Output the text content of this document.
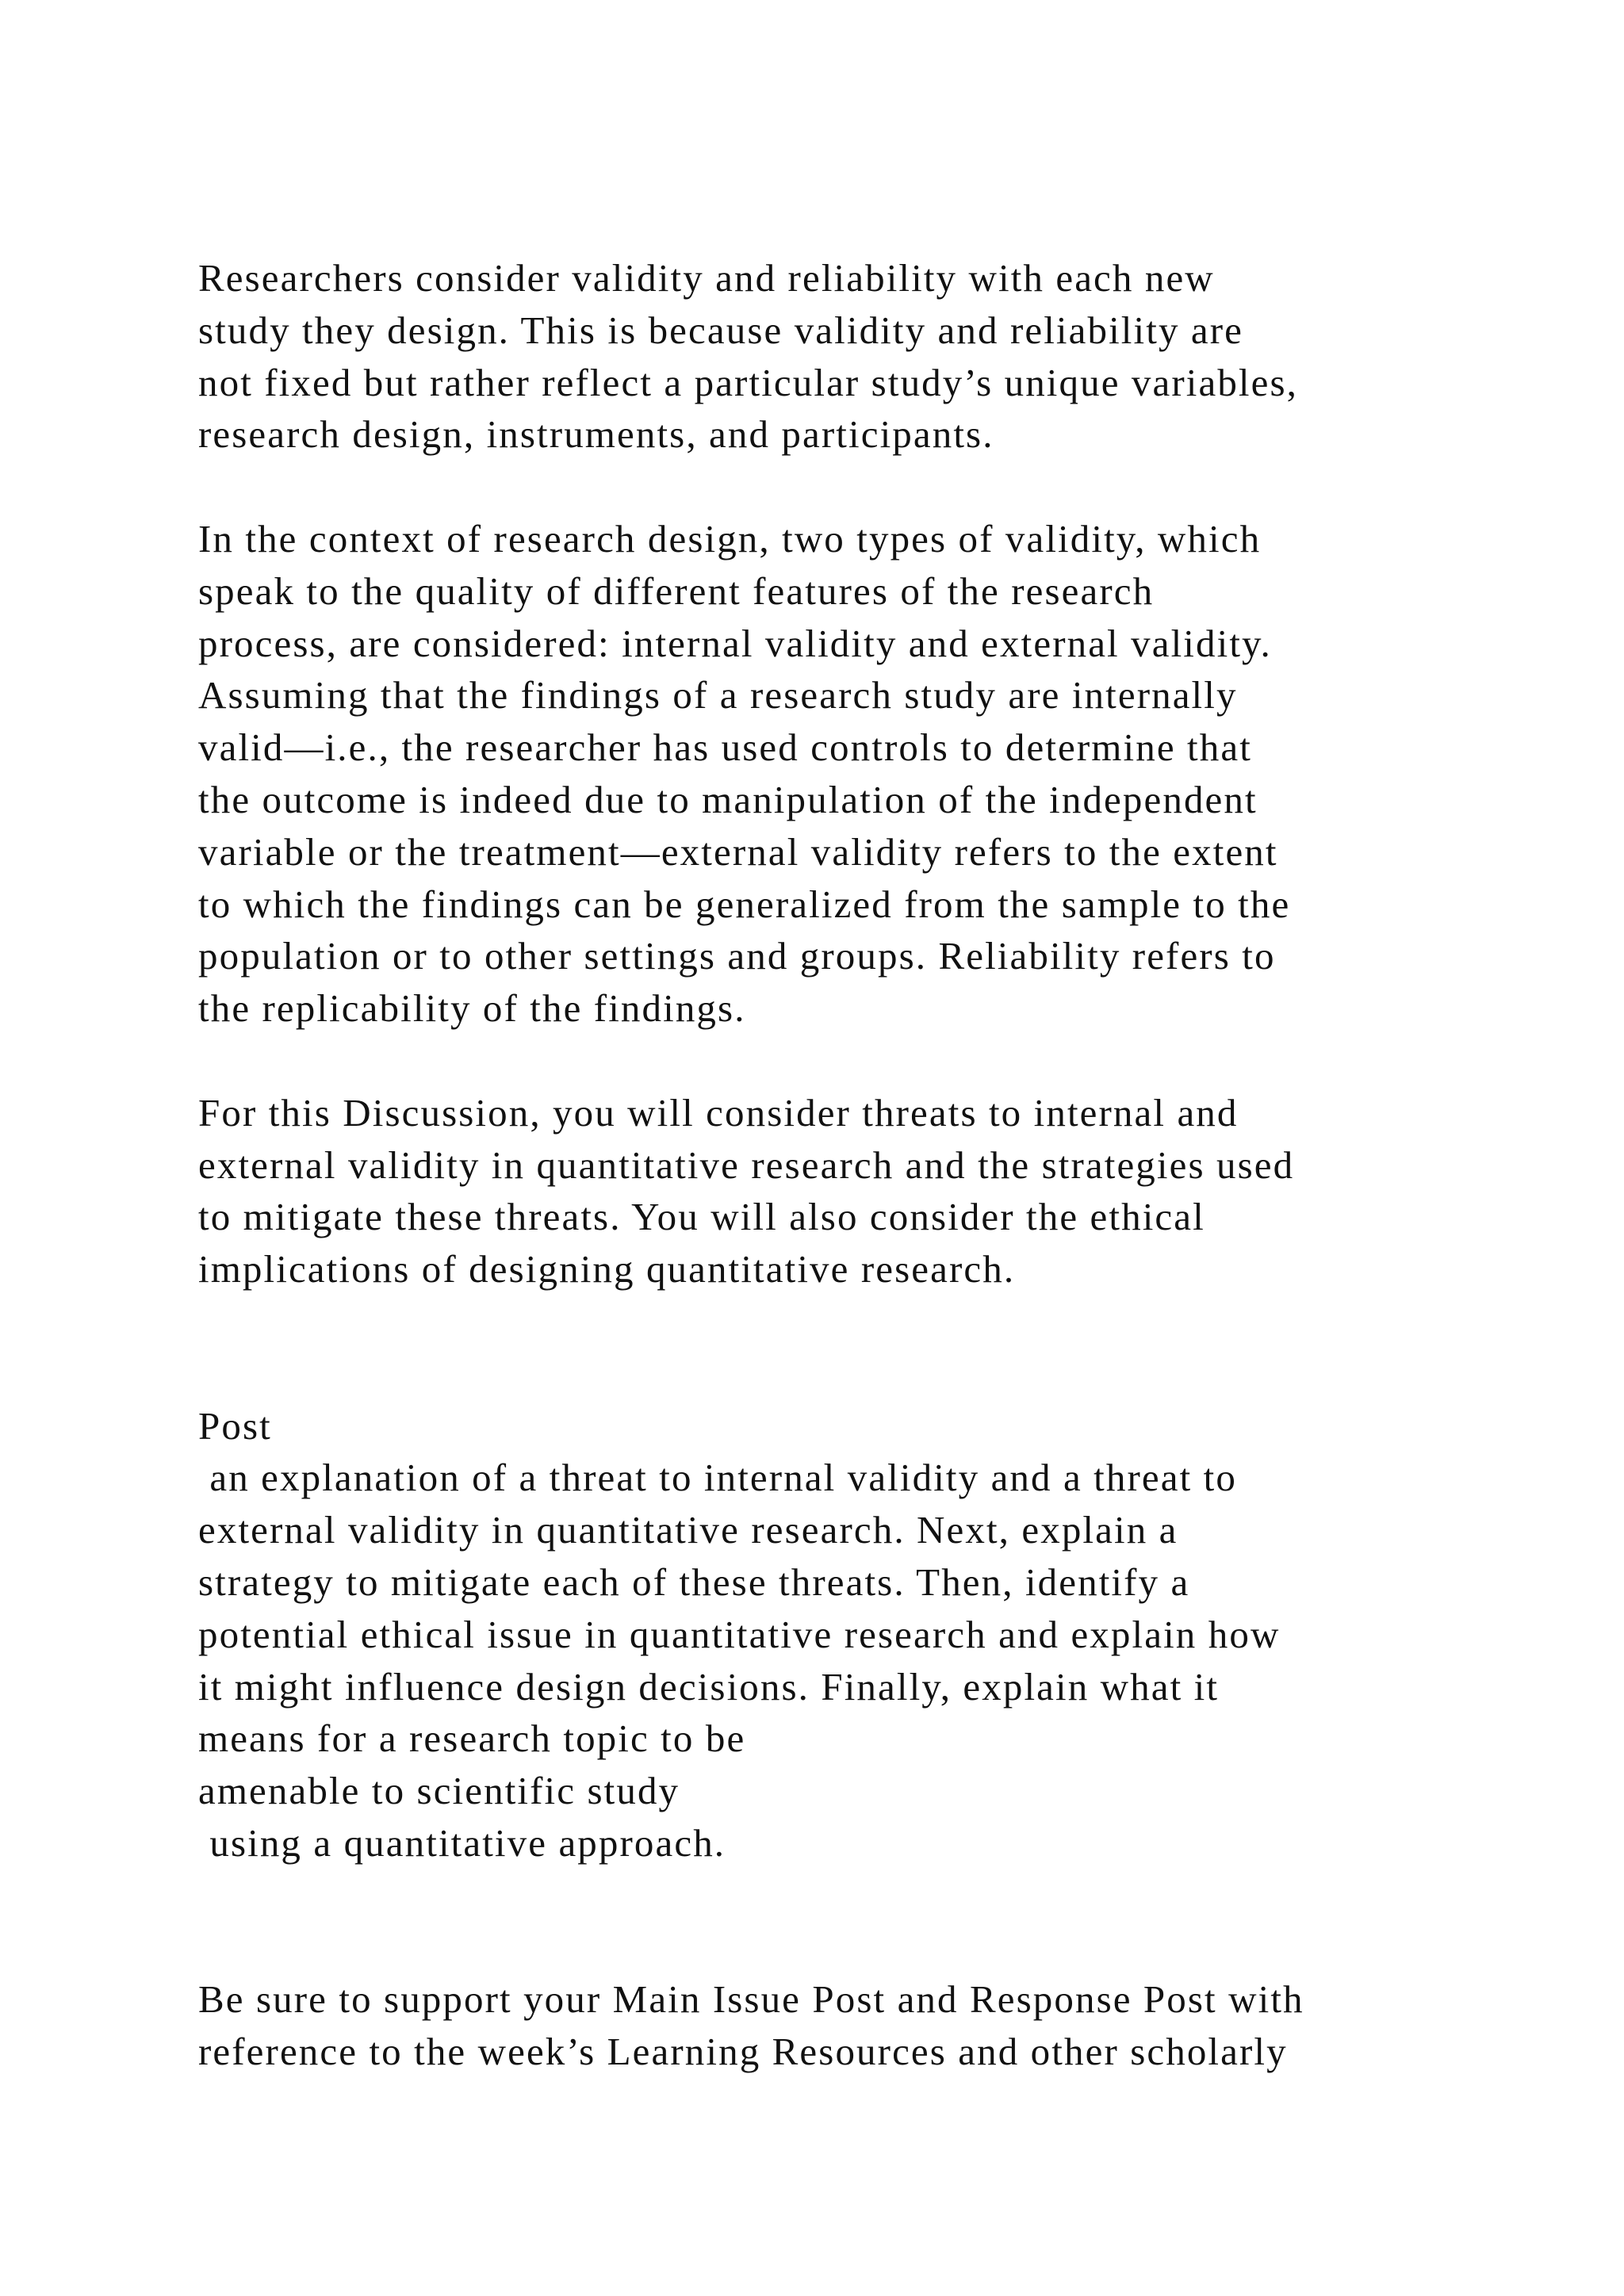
Researchers consider validity and reliability with each new
study they design. This is because validity and reliability are
not fixed but rather reflect a particular study’s unique variables,
research design, instruments, and participants.
In the context of research design, two types of validity, which
speak to the quality of different features of the research
process, are considered: internal validity and external validity.
Assuming that the findings of a research study are internally
valid—i.e., the researcher has used controls to determine that
the outcome is indeed due to manipulation of the independent
variable or the treatment—external validity refers to the extent
to which the findings can be generalized from the sample to the
population or to other settings and groups. Reliability refers to
the replicability of the findings.
For this Discussion, you will consider threats to internal and
external validity in quantitative research and the strategies used
to mitigate these threats. You will also consider the ethical
implications of designing quantitative research.
Post
an explanation of a threat to internal validity and a threat to
external validity in quantitative research. Next, explain a
strategy to mitigate each of these threats. Then, identify a
potential ethical issue in quantitative research and explain how
it might influence design decisions. Finally, explain what it
means for a research topic to be
amenable to scientific study
using a quantitative approach.
Be sure to support your Main Issue Post and Response Post with
reference to the week’s Learning Resources and other scholarly
